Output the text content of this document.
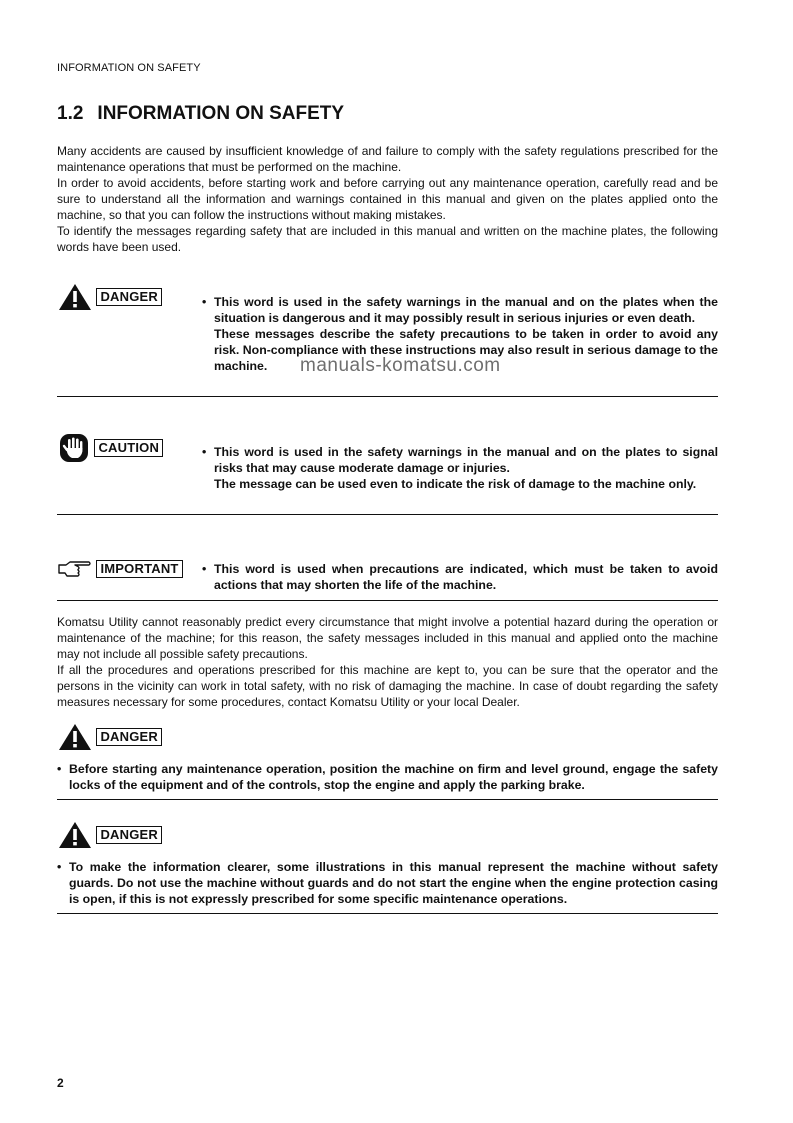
INFORMATION ON SAFETY
1.2 INFORMATION ON SAFETY

Many accidents are caused by insufficient knowledge of and failure to comply with the safety regulations prescribed for the maintenance operations that must be performed on the machine.

In order to avoid accidents, before starting work and before carrying out any maintenance operation, carefully read and be sure to understand all the information and warnings contained in this manual and given on the plates applied onto the machine, so that you can follow the instructions without making mistakes.

To identify the messages regarding safety that are included in this manual and written on the machine plates, the following words have been used.

DANGER	• This word is used in the safety warnings in the manual and on the plates when the situation is dangerous and it may possibly result in serious injuries or even death.

These messages describe the safety precautions to be taken in order to avoid any risk. Non-compliance with these instructions may also result in serious damage to the machine.

CAUTION	• This word is used in the safety warnings in the manual and on the plates to signal risks that may cause moderate damage or injuries.

The message can be used even to indicate the risk of damage to the machine only.

IMPORTANT	• This word is used when precautions are indicated, which must be taken to avoid actions that may shorten the life of the machine.

Komatsu Utility cannot reasonably predict every circumstance that might involve a potential hazard during the operation or maintenance of the machine; for this reason, the safety messages included in this manual and applied onto the machine may not include all possible safety precautions.

If all the procedures and operations prescribed for this machine are kept to, you can be sure that the operator and the persons in the vicinity can work in total safety, with no risk of damaging the machine. In case of doubt regarding the safety measures necessary for some procedures, contact Komatsu Utility or your local Dealer.

DANGER
• Before starting any maintenance operation, position the machine on firm and level ground, engage the safety locks of the equipment and of the controls, stop the engine and apply the parking brake.

DANGER
• To make the information clearer, some illustrations in this manual represent the machine without safety guards. Do not use the machine without guards and do not start the engine when the engine protection casing is open, if this is not expressly prescribed for some specific maintenance operations.

manuals-komatsu.com
2
